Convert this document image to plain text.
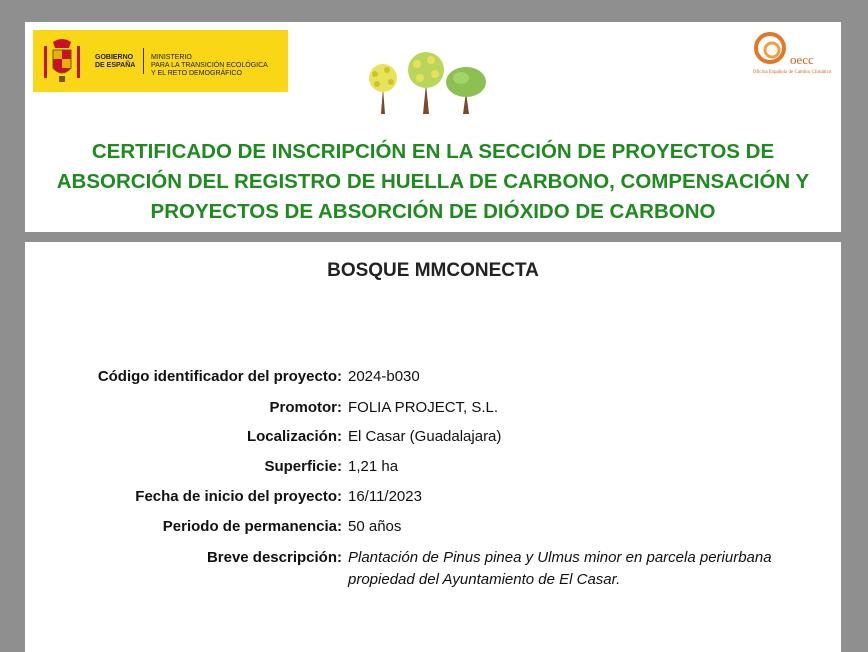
GOBIERNO
DE ESPAÑA
MINISTERIO
PARA LA TRANSICIÓN ECOLÓGICA
Y EL RETO DEMOGRÁFICO
oecc
Oficina Española de Cambio Climático
CERTIFICADO DE INSCRIPCIÓN EN LA SECCIÓN DE PROYECTOS DE
ABSORCIÓN DEL REGISTRO DE HUELLA DE CARBONO, COMPENSACIÓN Y
PROYECTOS DE ABSORCIÓN DE DIÓXIDO DE CARBONO
BOSQUE MMCONECTA
Código identificador del proyecto: 2024-b030
Promotor: FOLIA PROJECT, S.L.
Localización: El Casar (Guadalajara)
Superficie: 1,21 ha
Fecha de inicio del proyecto: 16/11/2023
Periodo de permanencia: 50 años
Breve descripción: Plantación de Pinus pinea y Ulmus minor en parcela periurbana
propiedad del Ayuntamiento de El Casar.
